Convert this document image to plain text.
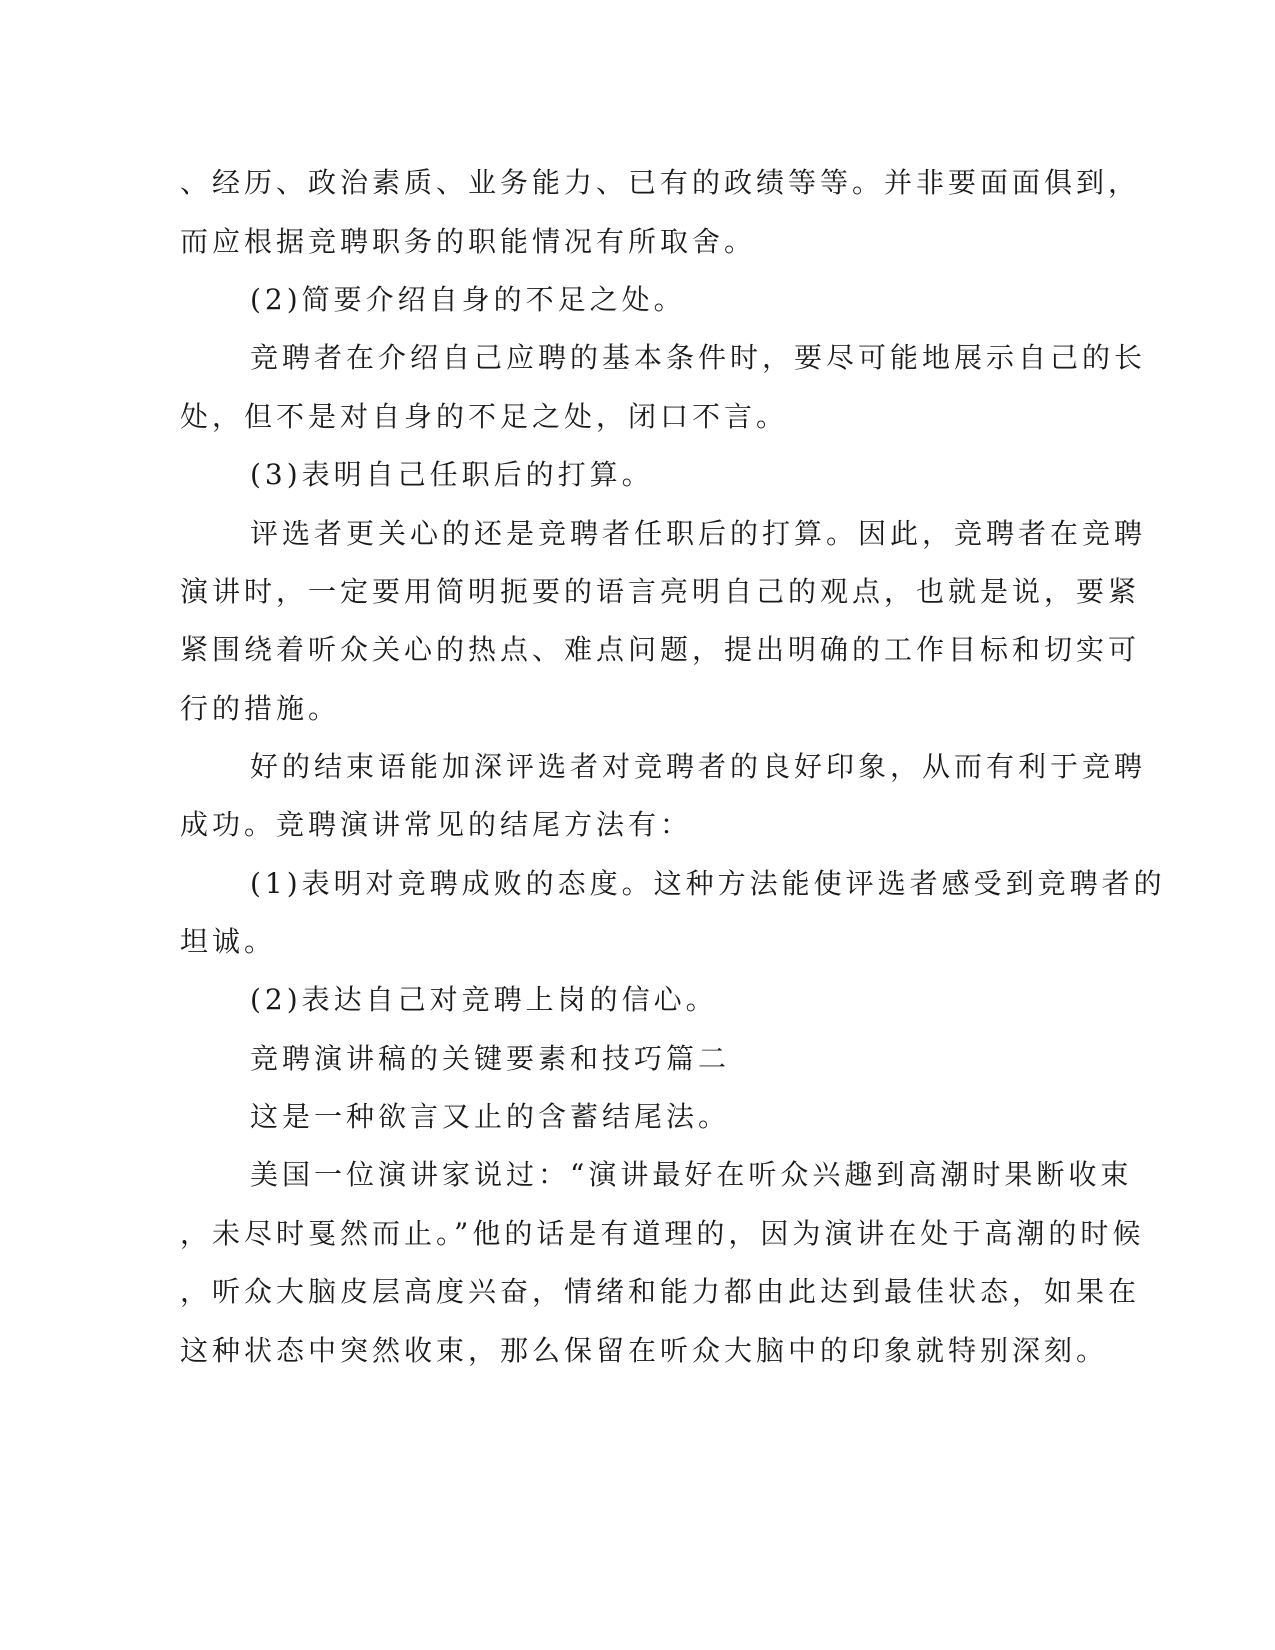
、经历、政治素质、业务能力、已有的政绩等等。并非要面面俱到，
而应根据竞聘职务的职能情况有所取舍。
(2)简要介绍自身的不足之处。
竞聘者在介绍自己应聘的基本条件时，要尽可能地展示自己的长
处，但不是对自身的不足之处，闭口不言。
(3)表明自己任职后的打算。
评选者更关心的还是竞聘者任职后的打算。因此，竞聘者在竞聘
演讲时，一定要用简明扼要的语言亮明自己的观点，也就是说，要紧
紧围绕着听众关心的热点、难点问题，提出明确的工作目标和切实可
行的措施。
好的结束语能加深评选者对竞聘者的良好印象，从而有利于竞聘
成功。竞聘演讲常见的结尾方法有：
(1)表明对竞聘成败的态度。这种方法能使评选者感受到竞聘者的
坦诚。
(2)表达自己对竞聘上岗的信心。
竞聘演讲稿的关键要素和技巧篇二
这是一种欲言又止的含蓄结尾法。
美国一位演讲家说过：“演讲最好在听众兴趣到高潮时果断收束
，未尽时戛然而止。”他的话是有道理的，因为演讲在处于高潮的时候
，听众大脑皮层高度兴奋，情绪和能力都由此达到最佳状态，如果在
这种状态中突然收束，那么保留在听众大脑中的印象就特别深刻。
